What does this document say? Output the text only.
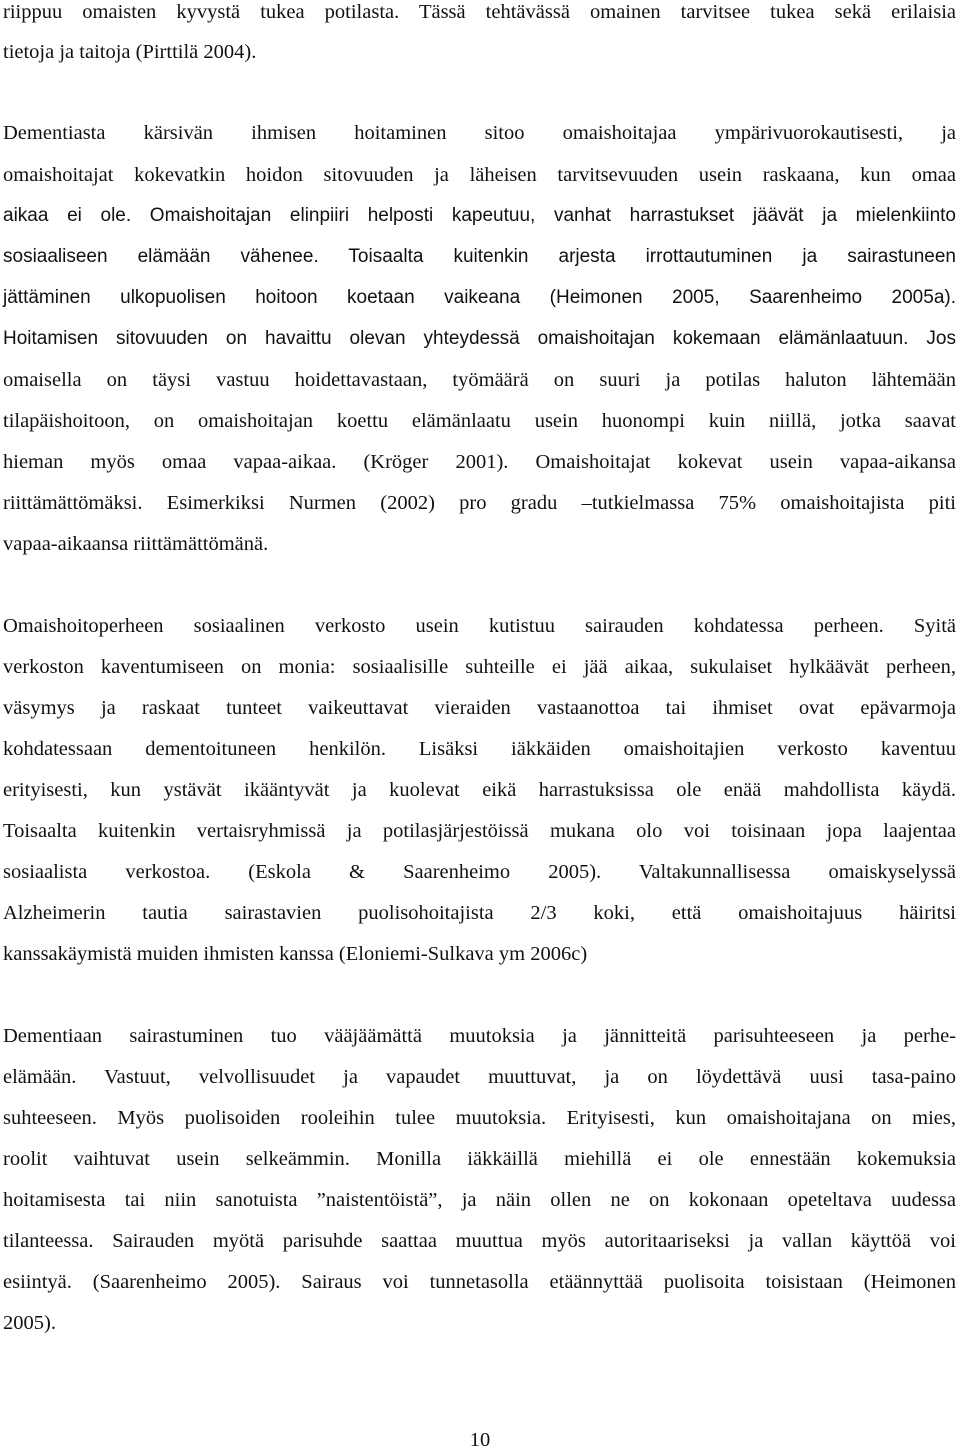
riippuu omaisten kyvystä tukea potilasta. Tässä tehtävässä omainen tarvitsee tukea sekä erilaisia
tietoja ja taitoja (Pirttilä 2004).
Dementiasta kärsivän ihmisen hoitaminen sitoo omaishoitajaa ympärivuorokautisesti, ja
omaishoitajat kokevatkin hoidon sitovuuden ja läheisen tarvitsevuuden usein raskaana, kun omaa
aikaa ei ole. Omaishoitajan elinpiiri helposti kapeutuu, vanhat harrastukset jäävät ja mielenkiinto
sosiaaliseen elämään vähenee. Toisaalta kuitenkin arjesta irrottautuminen ja sairastuneen
jättäminen ulkopuolisen hoitoon koetaan vaikeana (Heimonen 2005, Saarenheimo 2005a).
Hoitamisen sitovuuden on havaittu olevan yhteydessä omaishoitajan kokemaan elämänlaatuun. Jos
omaisella on täysi vastuu hoidettavastaan, työmäärä on suuri ja potilas haluton lähtemään
tilapäishoitoon, on omaishoitajan koettu elämänlaatu usein huonompi kuin niillä, jotka saavat
hieman myös omaa vapaa-aikaa. (Kröger 2001). Omaishoitajat kokevat usein vapaa-aikansa
riittämättömäksi. Esimerkiksi Nurmen (2002) pro gradu –tutkielmassa 75% omaishoitajista piti
vapaa-aikaansa riittämättömänä.
Omaishoitoperheen sosiaalinen verkosto usein kutistuu sairauden kohdatessa perheen. Syitä
verkoston kaventumiseen on monia: sosiaalisille suhteille ei jää aikaa, sukulaiset hylkäävät perheen,
väsymys ja raskaat tunteet vaikeuttavat vieraiden vastaanottoa tai ihmiset ovat epävarmoja
kohdatessaan dementoituneen henkilön. Lisäksi iäkkäiden omaishoitajien verkosto kaventuu
erityisesti, kun ystävät ikääntyvät ja kuolevat eikä harrastuksissa ole enää mahdollista käydä.
Toisaalta kuitenkin vertaisryhmissä ja potilasjärjestöissä mukana olo voi toisinaan jopa laajentaa
sosiaalista verkostoa. (Eskola & Saarenheimo 2005). Valtakunnallisessa omaiskyselyssä
Alzheimerin tautia sairastavien puolisohoitajista 2/3 koki, että omaishoitajuus häiritsi
kanssakäymistä muiden ihmisten kanssa (Eloniemi-Sulkava ym 2006c)
Dementiaan sairastuminen tuo vääjäämättä muutoksia ja jännitteitä parisuhteeseen ja perhe-
elämään. Vastuut, velvollisuudet ja vapaudet muuttuvat, ja on löydettävä uusi tasa-paino
suhteeseen. Myös puolisoiden rooleihin tulee muutoksia. Erityisesti, kun omaishoitajana on mies,
roolit vaihtuvat usein selkeämmin. Monilla iäkkäillä miehillä ei ole ennestään kokemuksia
hoitamisesta tai niin sanotuista ”naistentöistä”, ja näin ollen ne on kokonaan opeteltava uudessa
tilanteessa. Sairauden myötä parisuhde saattaa muuttua myös autoritaariseksi ja vallan käyttöä voi
esiintyä. (Saarenheimo 2005). Sairaus voi tunnetasolla etäännyttää puolisoita toisistaan (Heimonen
2005).
10
